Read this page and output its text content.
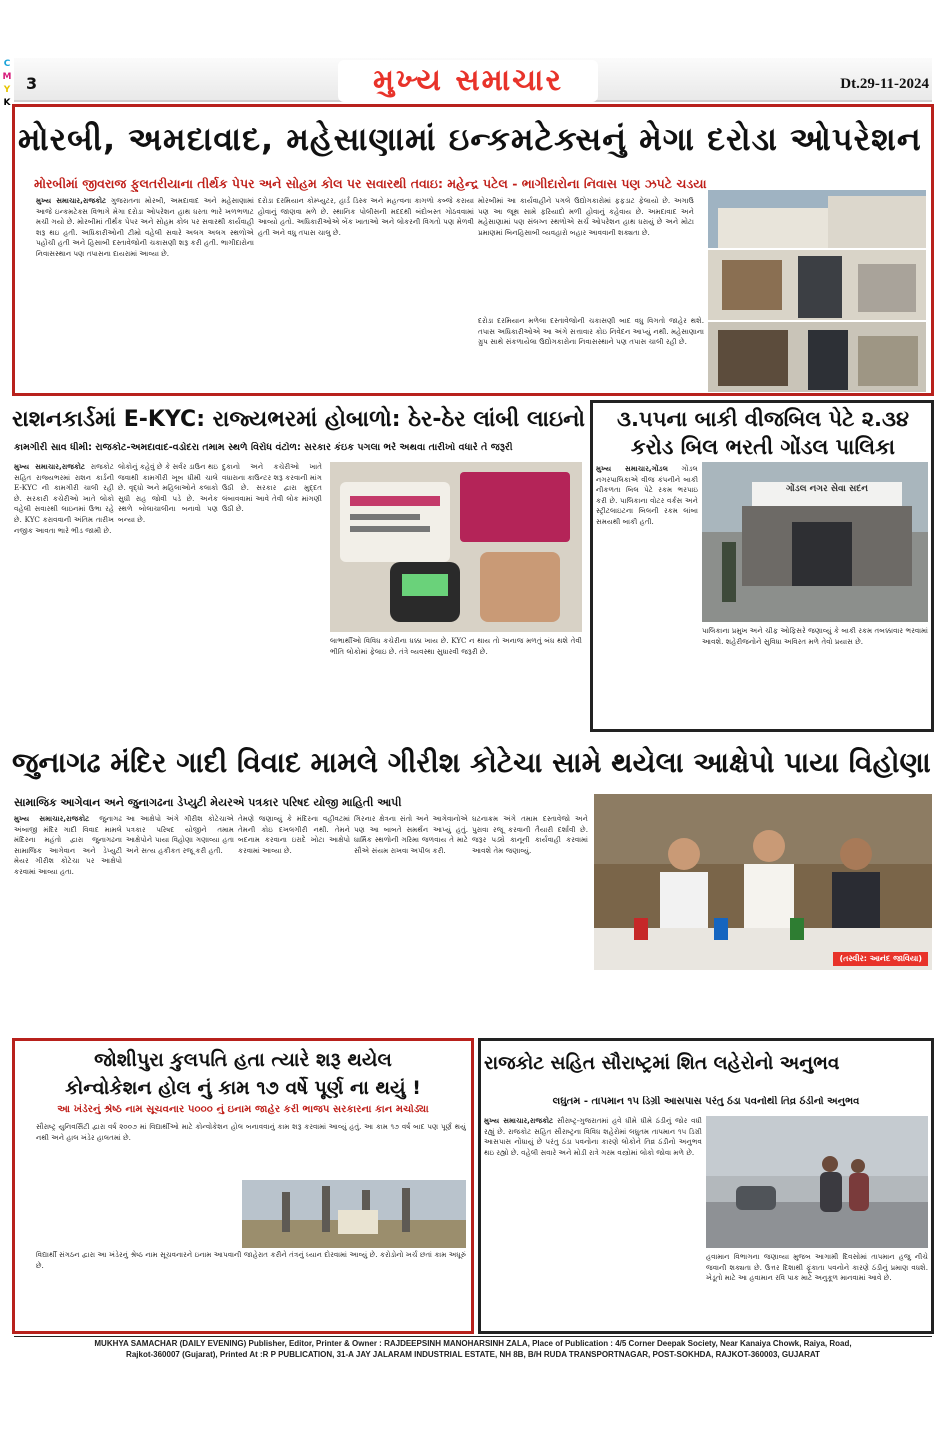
C
M
Y
K
3	મુખ્ય સમાચાર	Dt.29-11-2024
મોરબી, અમદાવાદ, મહેસાણામાં ઇન્કમટેક્સનું મેગા દરોડા ઓપરેશન
મોરબીમાં જીવરાજ ફુલતરીયાના તીર્થક પેપર અને સોહમ કોલ પર સવારથી તવાઇ: મહેન્દ્ર પટેલ - ભાગીદારોના નિવાસ પણ ઝપટે ચડયા
મુખ્ય સમાચાર,રાજકોટ ગુજરાતના મોરબી, અમદાવાદ અને મહેસાણામાં આજે ઇન્કમટેક્સ વિભાગે મેગા દરોડા ઓપરેશન હાથ ધરતા ભારે ખળભળાટ મચી ગયો છે. મોરબીમાં તીર્થક પેપર અને સોહમ કોલ પર સવારથી કાર્યવાહી શરૂ થઇ હતી. અધિકારીઓની ટીમો વહેલી સવારે અલગ અલગ સ્થળોએ પહોંચી હતી અને હિસાબી દસ્તાવેજોની ચકાસણી શરૂ કરી હતી. ભાગીદારોના નિવાસસ્થાન પણ તપાસના દાયરામાં આવ્યા છે.
દરોડા દરમિયાન કોમ્પ્યુટર, હાર્ડ ડિસ્ક અને મહત્વના કાગળો કબ્જે કરાયા હોવાનું જાણવા મળે છે. સ્થાનિક પોલીસની મદદથી બંદોબસ્ત ગોઠવવામાં આવ્યો હતો. અધિકારીઓએ બેંક ખાતાઓ અને લોકરની વિગતો પણ મેળવી હતી અને વધુ તપાસ ચાલુ છે.
મોરબીમાં આ કાર્યવાહીને પગલે ઉદ્યોગકારોમાં ફફડાટ ફેલાયો છે. અગાઉ પણ આ જૂથ સામે ફરિયાદો મળી હોવાનું કહેવાય છે. અમદાવાદ અને મહેસાણામાં પણ સંલગ્ન સ્થળોએ સર્ચ ઓપરેશન હાથ ધરાયું છે અને મોટા પ્રમાણમાં બિનહિસાબી વ્યવહારો બહાર આવવાની શક્યતા છે.
દરોડા દરમિયાન મળેલા દસ્તાવેજોની ચકાસણી બાદ વધુ વિગતો જાહેર થશે. તપાસ અધિકારીઓએ આ અંગે સત્તાવાર કોઇ નિવેદન આપ્યું નથી. મહેસાણાના ગ્રુપ સાથે સંકળાયેલા ઉદ્યોગકારોના નિવાસસ્થાને પણ તપાસ ચાલી રહી છે.
રાશનકાર્ડમાં E-KYC: રાજ્યભરમાં હોબાળો: ઠેર-ઠેર લાંબી લાઇનો
કામગીરી સાવ ધીમી: રાજકોટ-અમદાવાદ-વડોદરા તમામ સ્થળે વિરોધ વંટોળ: સરકાર કંઇક પગલા ભરે અથવા તારીખો વધારે તે જરૂરી
મુખ્ય સમાચાર,રાજકોટ રાજકોટ સહિત રાજ્યભરમાં રાશન કાર્ડની E-KYC ની કામગીરી ચાલી રહી છે. સરકારી કચેરીઓ ખાતે લોકો વહેલી સવારથી લાઇનમાં ઉભા રહે છે. KYC કરાવવાની અંતિમ તારીખ નજીક આવતા ભારે ભીડ જામી છે.
લોકોનું કહેવું છે કે સર્વર ડાઉન થઇ જવાથી કામગીરી ખૂબ ધીમી ચાલે છે. વૃદ્ધો અને મહિલાઓને કલાકો સુધી રાહ જોવી પડે છે. અનેક સ્થળે બોલાચાલીના બનાવો પણ બન્યા છે.
દુકાનો અને કચેરીઓ ખાતે વધારાના કાઉન્ટર શરૂ કરવાની માંગ ઉઠી છે. સરકાર દ્વારા મુદ્દત લંબાવવામાં આવે તેવી લોક માંગણી ઉઠી છે.
લાભાર્થીઓ વિવિધ કચેરીના ધક્કા ખાય છે. KYC ન થાય તો અનાજ મળતું બંધ થશે તેવી ભીતિ લોકોમાં ફેલાઇ છે. તંત્રે વ્યવસ્થા સુધારવી જરૂરી છે.
૩.૫૫ના બાકી વીજબિલ પેટે ૨.૩૪
કરોડ બિલ ભરતી ગોંડલ પાલિકા
મુખ્ય સમાચાર,ગોંડલ ગોંડલ નગરપાલિકાએ વીજ કંપનીને બાકી નીકળતા બિલ પેટે રકમ ભરપાઇ કરી છે. પાલિકાના વોટર વર્કસ અને સ્ટ્રીટલાઇટના બિલની રકમ લાંબા સમયથી બાકી હતી.
ગોંડલ નગર સેવા સદન
પાલિકાના પ્રમુખ અને ચીફ ઓફિસરે જણાવ્યું કે બાકી રકમ તબક્કાવાર ભરવામાં આવશે. શહેરીજનોને સુવિધા અવિરત મળે તેવો પ્રયાસ છે.
જુનાગઢ મંદિર ગાદી વિવાદ મામલે ગીરીશ કોટેચા સામે થયેલા આક્ષેપો પાયા વિહોણા
સામાજિક આગેવાન અને જુનાગઢના ડેપ્યુટી મેયરએ પત્રકાર પરિષદ યોજી માહિતી આપી
મુખ્ય સમાચાર,રાજકોટ જુનાગઢ અંબાજી મંદિર ગાદી વિવાદ મામલે મંદિરના મહંતો દ્વારા જુનાગઢના સામાજિક આગેવાન અને ડેપ્યુટી મેયર ગીરીશ કોટેચા પર આક્ષેપો કરવામાં આવ્યા હતા.
આ આક્ષેપો અંગે ગીરીશ કોટેચાએ પત્રકાર પરિષદ યોજીને તમામ આક્ષેપોને પાયા વિહોણા ગણાવ્યા હતા અને સત્ય હકીકત રજૂ કરી હતી.
તેમણે જણાવ્યું કે મંદિરના વહીવટમાં તેમની કોઇ દખલગીરી નથી. તેમને બદનામ કરવાના ઇરાદે ખોટા આક્ષેપો કરવામાં આવ્યા છે.
ગિરનાર ક્ષેત્રના સંતો અને આગેવાનોએ પણ આ બાબતે સમર્થન આપ્યું હતું. ધાર્મિક સ્થળોની ગરિમા જળવાય તે માટે સૌએ સંયમ રાખવા અપીલ કરી.
ઘટનાક્રમ અંગે તમામ દસ્તાવેજો અને પુરાવા રજૂ કરવાની તૈયારી દર્શાવી છે. જરૂર પડ્યે કાનૂની કાર્યવાહી કરવામાં આવશે તેમ જણાવ્યું.
(તસ્વીર: આનંદ જાવિયા)
જોશીપુરા કુલપતિ હતા ત્યારે શરૂ થયેલ
કોન્વોકેશન હોલ નું કામ ૧૭ વર્ષે પૂર્ણ ના થયું !
આ ખંડેરનું શ્રેષ્ઠ નામ સૂચવનાર ૫૦૦૦ નું ઇનામ જાહેર કરી ભાજપ સરકારના કાન મચોડ્યા
સૌરાષ્ટ્ર યુનિવર્સિટી દ્વારા વર્ષ ૨૦૦૭ માં વિદ્યાર્થીઓ માટે કોન્વોકેશન હોલ બનાવવાનું કામ શરૂ કરવામાં આવ્યું હતું. આ કામ ૧૭ વર્ષ બાદ પણ પૂર્ણ થયું નથી અને હાલ ખંડેર હાલતમાં છે.
વિદ્યાર્થી સંગઠન દ્વારા આ ખંડેરનું શ્રેષ્ઠ નામ સૂચવનારને ઇનામ આપવાની જાહેરાત કરીને તંત્રનું ધ્યાન દોરવામાં આવ્યું છે. કરોડોનો ખર્ચ છતાં કામ અધૂરું છે.
રાજકોટ સહિત સૌરાષ્ટ્રમાં શિત લહેરોનો અનુભવ
લઘુતમ - તાપમાન ૧૫ ડિગ્રી આસપાસ પરંતુ ઠંડા પવનોથી તિવ્ર ઠંડીનો અનુભવ
મુખ્ય સમાચાર,રાજકોટ સૌરાષ્ટ્ર-ગુજરાતમાં હવે ધીમે ધીમે ઠંડીનું જોર વધી રહ્યું છે. રાજકોટ સહિત સૌરાષ્ટ્રના વિવિધ શહેરોમાં લઘુતમ તાપમાન ૧૫ ડિગ્રી આસપાસ નોંધાયું છે પરંતુ ઠંડા પવનોના કારણે લોકોને તિવ્ર ઠંડીનો અનુભવ થઇ રહ્યો છે. વહેલી સવારે અને મોડી રાત્રે ગરમ વસ્ત્રોમાં લોકો જોવા મળે છે.
હવામાન વિભાગના જણાવ્યા મુજબ આગામી દિવસોમાં તાપમાન હજુ નીચે જવાની શક્યતા છે. ઉત્તર દિશાથી ફૂંકાતા પવનોને કારણે ઠંડીનું પ્રમાણ વધશે. ખેડૂતો માટે આ હવામાન રવિ પાક માટે અનુકૂળ માનવામાં આવે છે.
MUKHYA SAMACHAR (DAILY EVENING) Publisher, Editor, Printer & Owner : RAJDEEPSINH MANOHARSINH ZALA, Place of Publication : 4/5 Corner Deepak Society, Near Kanaiya Chowk, Raiya, Road,
Rajkot-360007 (Gujarat), Printed At :R P PUBLICATION, 31-A JAY JALARAM INDUSTRIAL ESTATE, NH 8B, B/H RUDA TRANSPORTNAGAR, POST-SOKHDA, RAJKOT-360003, GUJARAT
